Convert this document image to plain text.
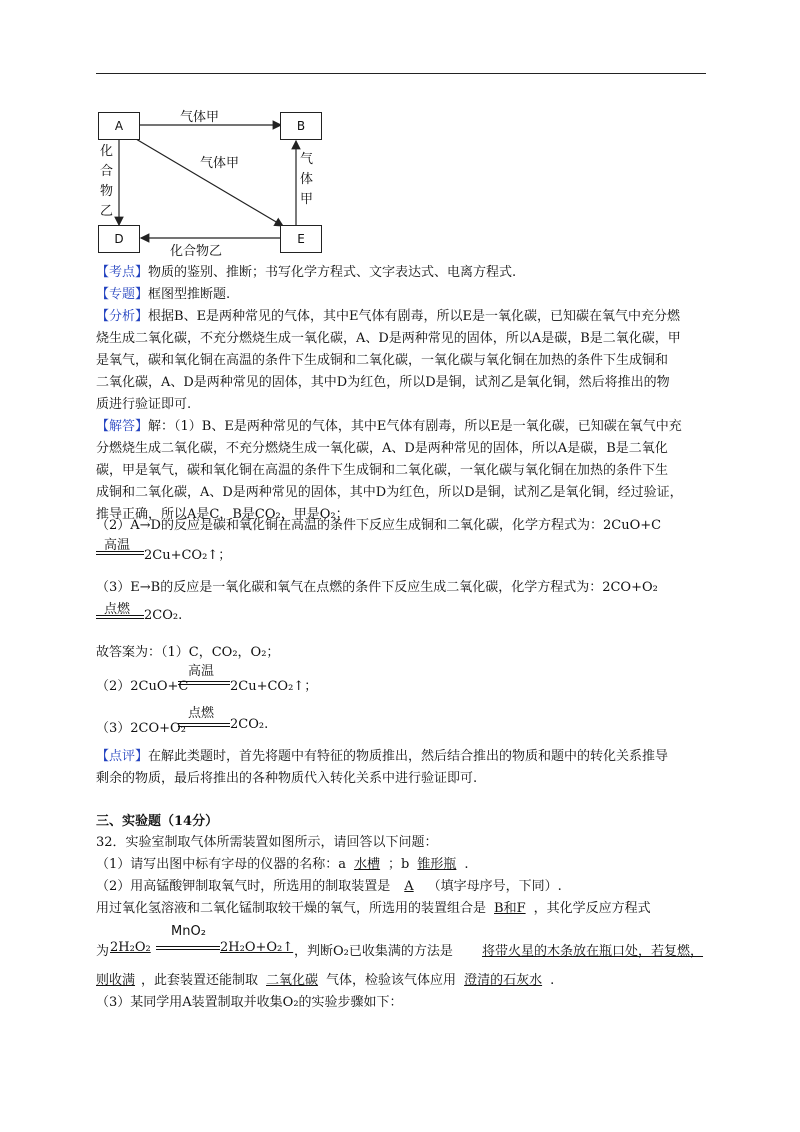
A	B
D	E
气体甲
气体甲
化合物乙
化
合
物
乙
气
体
甲
【考点】物质的鉴别、推断；书写化学方程式、文字表达式、电离方程式.
【专题】框图型推断题.
【分析】根据B、E是两种常见的气体，其中E气体有剧毒，所以E是一氧化碳，已知碳在氧气中充分燃
烧生成二氧化碳，不充分燃烧生成一氧化碳，A、D是两种常见的固体，所以A是碳，B是二氧化碳，甲
是氧气，碳和氧化铜在高温的条件下生成铜和二氧化碳，一氧化碳与氧化铜在加热的条件下生成铜和
二氧化碳，A、D是两种常见的固体，其中D为红色，所以D是铜，试剂乙是氧化铜，然后将推出的物
质进行验证即可.
【解答】解：（1）B、E是两种常见的气体，其中E气体有剧毒，所以E是一氧化碳，已知碳在氧气中充
分燃烧生成二氧化碳，不充分燃烧生成一氧化碳，A、D是两种常见的固体，所以A是碳，B是二氧化
碳，甲是氧气，碳和氧化铜在高温的条件下生成铜和二氧化碳，一氧化碳与氧化铜在加热的条件下生
成铜和二氧化碳，A、D是两种常见的固体，其中D为红色，所以D是铜，试剂乙是氧化铜，经过验证，
推导正确，所以A是C，B是CO₂，甲是O₂；
（2）A→D的反应是碳和氧化铜在高温的条件下反应生成铜和二氧化碳，化学方程式为：2CuO+C
高温
2Cu+CO₂↑；
（3）E→B的反应是一氧化碳和氧气在点燃的条件下反应生成二氧化碳，化学方程式为：2CO+O₂
点燃 2CO₂.
故答案为：（1）C，CO₂，O₂；
（2）2CuO+C
高温
2Cu+CO₂↑；
（3）2CO+O₂
点燃
2CO₂.
【点评】在解此类题时，首先将题中有特征的物质推出，然后结合推出的物质和题中的转化关系推导
剩余的物质，最后将推出的各种物质代入转化关系中进行验证即可.
三、实验题（14分）
32．实验室制取气体所需装置如图所示，请回答以下问题：
（1）请写出图中标有字母的仪器的名称：a 水槽 ；b 锥形瓶 .
（2）用高锰酸钾制取氧气时，所选用的制取装置是 A （填字母序号，下同）.
用过氧化氢溶液和二氧化锰制取较干燥的氧气，所选用的装置组合是 B和F ，其化学反应方程式
为 2H₂O₂
MnO₂
2H₂O+O₂↑ ，判断O₂已收集满的方法是	将带火星的木条放在瓶口处，若复燃，
则收满 ，此套装置还能制取 二氧化碳 气体，检验该气体应用 澄清的石灰水 .
（3）某同学用A装置制取并收集O₂的实验步骤如下：
